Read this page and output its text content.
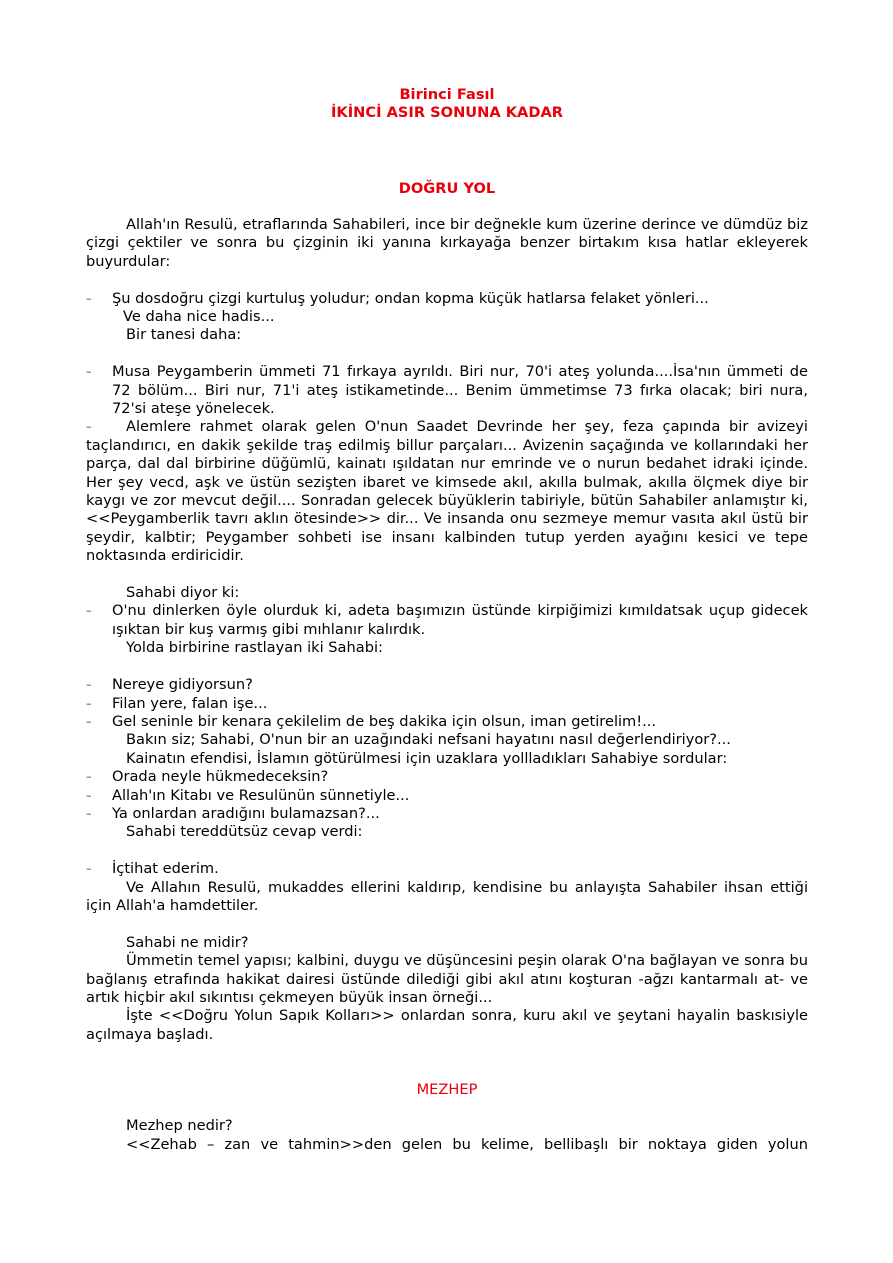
Birinci Fasıl
İKİNCİ ASIR SONUNA KADAR
DOĞRU YOL

Allah'ın Resulü, etraflarında Sahabileri, ince bir değnekle kum üzerine derince ve dümdüz biz çizgi çektiler ve sonra bu çizginin iki yanına kırkayağa benzer birtakım kısa hatlar ekleyerek buyurdular:

– Şu dosdoğru çizgi kurtuluş yoludur; ondan kopma küçük hatlarsa felaket yönleri...
Ve daha nice hadis...
Bir tanesi daha:
– Musa Peygamberin ümmeti 71 fırkaya ayrıldı. Biri nur, 70'i ateş yolunda....İsa'nın ümmeti de 72 bölüm... Biri nur, 71'i ateş istikametinde... Benim ümmetimse 73 fırka olacak; biri nura, 72'si ateşe yönelecek.
–	Alemlere rahmet olarak gelen O'nun Saadet Devrinde her şey, feza çapında bir avizeyi taçlandırıcı, en dakik şekilde traş edilmiş billur parçaları... Avizenin saçağında ve kollarındaki her parça, dal dal birbirine düğümlü, kainatı ışıldatan nur emrinde ve o nurun bedahet idraki içinde. Her şey vecd, aşk ve üstün sezişten ibaret ve kimsede akıl, akılla bulmak, akılla ölçmek diye bir kaygı ve zor mevcut değil.... Sonradan gelecek büyüklerin tabiriyle, bütün Sahabiler anlamıştır ki, <<Peygamberlik tavrı aklın ötesinde>> dir... Ve insanda onu sezmeye memur vasıta akıl üstü bir şeydir, kalbtir; Peygamber sohbeti ise insanı kalbinden tutup yerden ayağını kesici ve tepe noktasında erdiricidir.

Sahabi diyor ki:
– O'nu dinlerken öyle olurduk ki, adeta başımızın üstünde kirpiğimizi kımıldatsak uçup gidecek ışıktan bir kuş varmış gibi mıhlanır kalırdık.
Yolda birbirine rastlayan iki Sahabi:
– Nereye gidiyorsun?
– Filan yere, falan işe...
– Gel seninle bir kenara çekilelim de beş dakika için olsun, iman getirelim!...
Bakın siz; Sahabi, O'nun bir an uzağındaki nefsani hayatını nasıl değerlendiriyor?...
Kainatın efendisi, İslamın götürülmesi için uzaklara yollladıkları Sahabiye sordular:
– Orada neyle hükmedeceksin?
– Allah'ın Kitabı ve Resulünün sünnetiyle...
– Ya onlardan aradığını bulamazsan?...
Sahabi tereddütsüz cevap verdi:
– İçtihat ederim.

Ve Allahın Resulü, mukaddes ellerini kaldırıp, kendisine bu anlayışta Sahabiler ihsan ettiği için Allah'a hamdettiler.

Sahabi ne midir?

Ümmetin temel yapısı; kalbini, duygu ve düşüncesini peşin olarak O'na bağlayan ve sonra bu bağlanış etrafında hakikat dairesi üstünde dilediği gibi akıl atını koşturan -ağzı kantarmalı at- ve artık hiçbir akıl sıkıntısı çekmeyen büyük insan örneği...

İşte <<Doğru Yolun Sapık Kolları>> onlardan sonra, kuru akıl ve şeytani hayalin baskısiyle açılmaya başladı.

MEZHEP
Mezhep nedir?

<<Zehab – zan ve tahmin>>den gelen bu kelime, bellibaşlı bir noktaya giden yolun
